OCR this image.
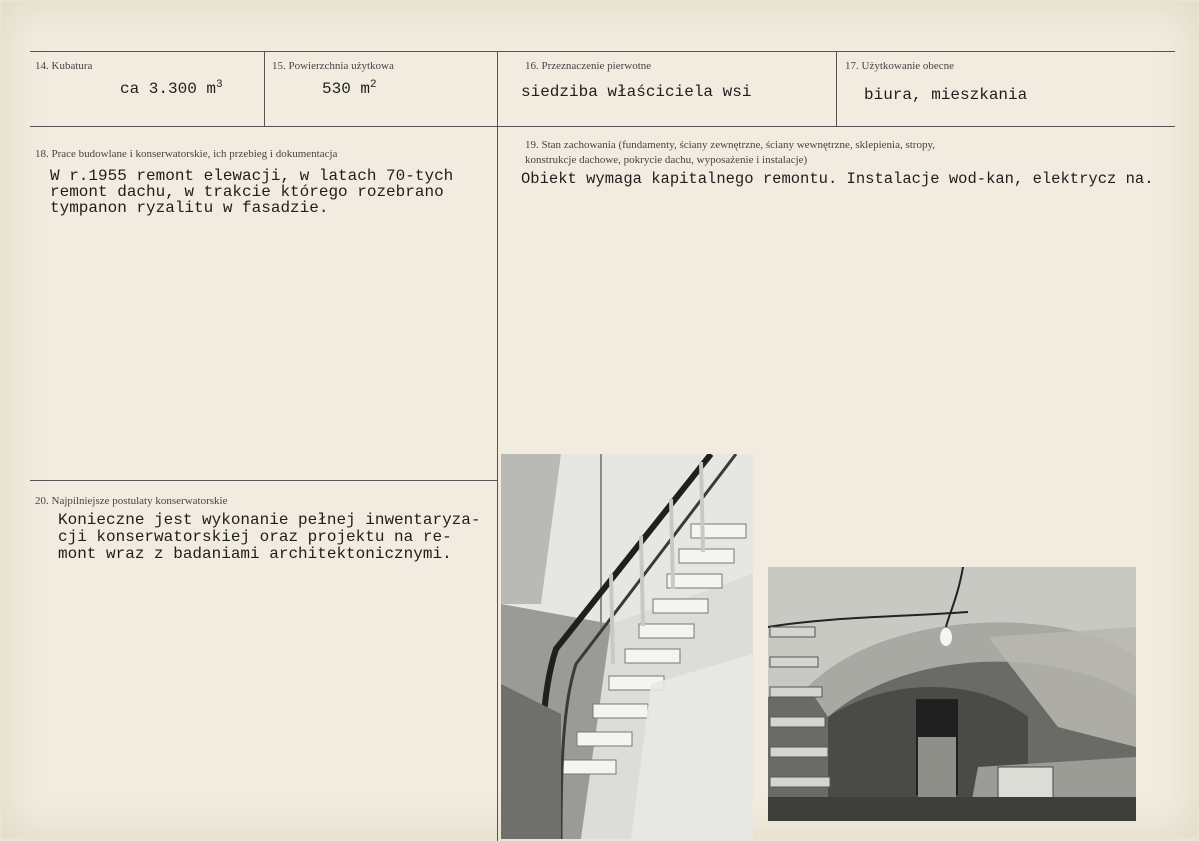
14. Kubatura
ca 3.300 $m^3$
15. Powierzchnia użytkowa
530 $m^2$
16. Przeznaczenie pierwotne
siedziba właściciela wsi
17. Użytkowanie obecne
biura, mieszkania
18. Prace budowlane i konserwatorskie, ich przebieg i dokumentacja
W r.1955 remont elewacji, w latach 70-tych
remont dachu, w trakcie którego rozebrano
tympanon ryzalitu w fasadzie.
19. Stan zachowania (fundamenty, ściany zewnętrzne, ściany wewnętrzne, sklepienia, stropy,
konstrukcje dachowe, pokrycie dachu, wyposażenie i instalacje)
Obiekt wymaga kapitalnego remontu. Instalacje wod-kan, elektrycz na.
20. Najpilniejsze postulaty konserwatorskie
Konieczne jest wykonanie pełnej inwentaryza-
cji konserwatorskiej oraz projektu na re-
mont wraz z badaniami architektonicznymi.
